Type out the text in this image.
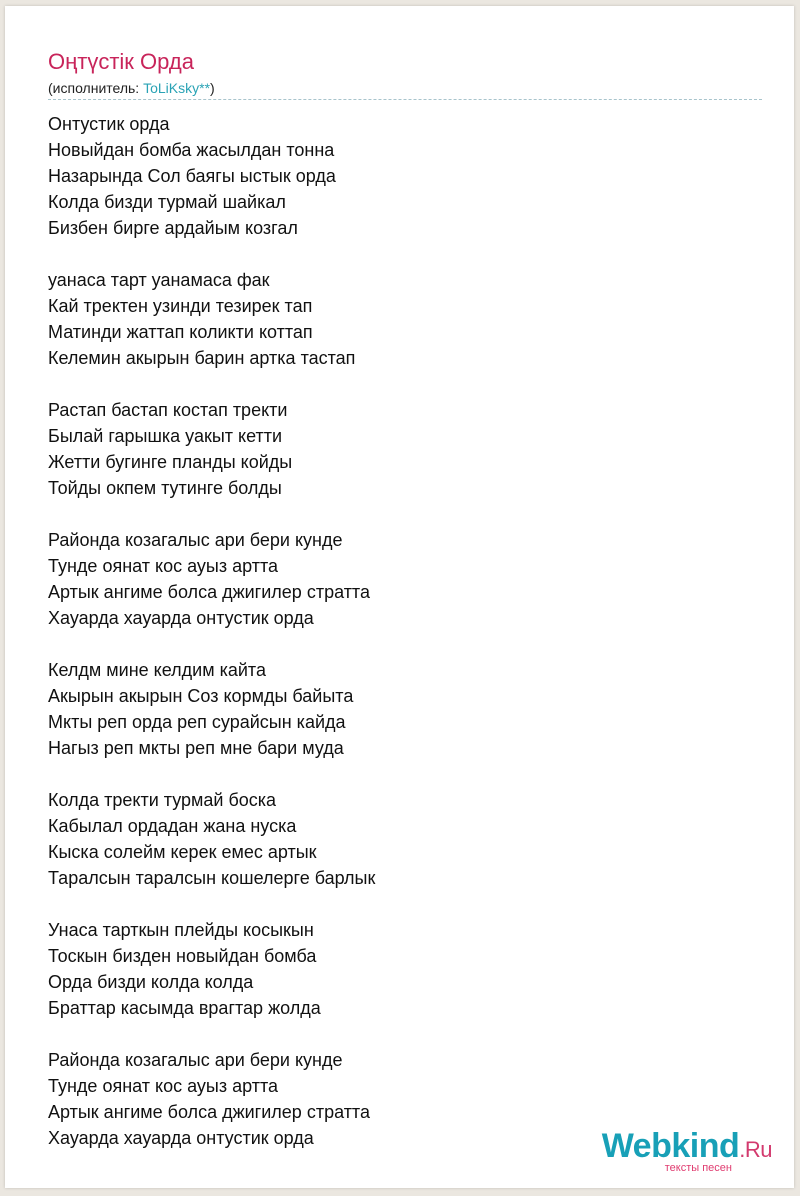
Оңтүстік Орда
(исполнитель: ToLiKsky**)
Онтустик орда
Новыйдан бомба жасылдан тонна
Назарында Сол баягы ыстык орда
Колда бизди турмай шайкал
Бизбен бирге ардайым козгал
уанаса тарт уанамаса фак
Кай тректен узинди тезирек тап
Матинди жаттап коликти коттап
Келемин акырын барин артка тастап
Растап бастап костап тректи
Былай гарышка уакыт кетти
Жетти бугинге планды койды
Тойды окпем тутинге болды
Районда козагалыс ари бери кунде
Тунде оянат кос ауыз артта
Артык ангиме болса джигилер стратта
Хауарда хауарда онтустик орда
Келдм мине келдим кайта
Акырын акырын Соз кормды байыта
Мкты реп орда реп сурайсын кайда
Нагыз реп мкты реп мне бари муда
Колда тректи турмай боска
Кабылал ордадан жана нуска
Кыска солейм керек емес артык
Таралсын таралсын кошелерге барлык
Унаса тарткын плейды косыкын
Тоскын бизден новыйдан бомба
Орда бизди колда колда
Браттар касымда врагтар жолда
Районда козагалыс ари бери кунде
Тунде оянат кос ауыз артта
Артык ангиме болса джигилер стратта
Хауарда хауарда онтустик орда	Webkind.Ru
тексты песен
